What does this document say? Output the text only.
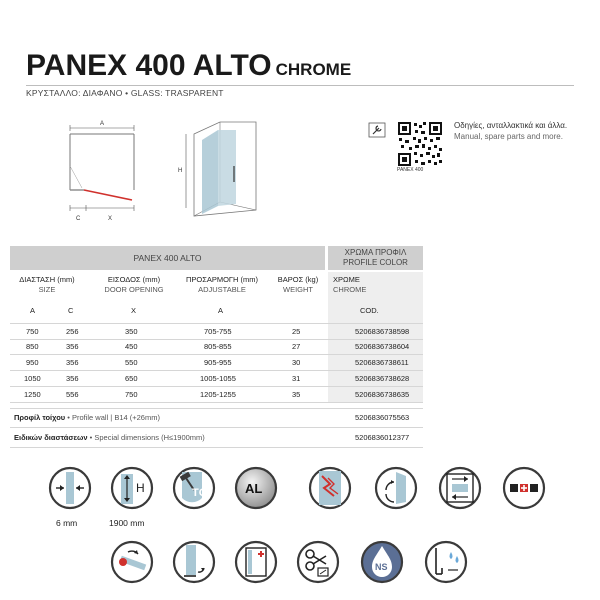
PANEX 400 ALTO CHROME
ΚΡΥΣΤΑΛΛΟ: ΔΙΑΦΑΝΟ • GLASS: TRASPARENT
A
C	X
H
Οδηγίες, ανταλλακτικά και άλλα.
Manual, spare parts and more.
PANEX 400
PANEX 400 ALTO
ΧΡΩΜΑ ΠΡΟΦΙΛ
PROFILE COLOR
ΔΙΑΣΤΑΣΗ (mm)
SIZE
ΕΙΣΟΔΟΣ (mm)
DOOR OPENING
ΠΡΟΣΑΡΜΟΓΗ (mm)
ADJUSTABLE
ΒΑΡΟΣ (kg)
WEIGHT
ΧΡΩΜΕ
CHROME
A	C	X	A	COD.
750	256	350	705-755	25	5206836738598
850	356	450	805-855	27	5206836738604
950	356	550	905-955	30	5206836738611
1050	356	650	1005-1055	31	5206836738628
1250	556	750	1205-1255	35	5206836738635
Προφίλ τοίχου • Profile wall | B14 (+26mm)	5206836075563
Ειδικών διαστάσεων • Special dimensions (H≤1900mm)	5206836012377
6 mm
H
1900 mm
TG	AL
NS
